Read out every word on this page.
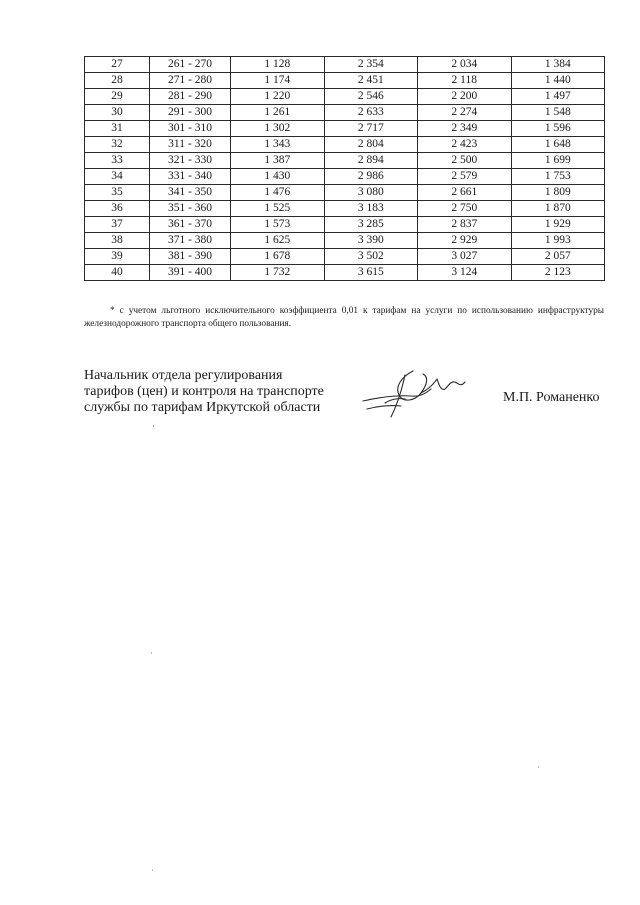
27	261 - 270	1 128	2 354	2 034	1 384
28	271 - 280	1 174	2 451	2 118	1 440
29	281 - 290	1 220	2 546	2 200	1 497
30	291 - 300	1 261	2 633	2 274	1 548
31	301 - 310	1 302	2 717	2 349	1 596
32	311 - 320	1 343	2 804	2 423	1 648
33	321 - 330	1 387	2 894	2 500	1 699
34	331 - 340	1 430	2 986	2 579	1 753
35	341 - 350	1 476	3 080	2 661	1 809
36	351 - 360	1 525	3 183	2 750	1 870
37	361 - 370	1 573	3 285	2 837	1 929
38	371 - 380	1 625	3 390	2 929	1 993
39	381 - 390	1 678	3 502	3 027	2 057
40	391 - 400	1 732	3 615	3 124	2 123
* с учетом льготного исключительного коэффициента 0,01 к тарифам на услуги по использованию инфраструктуры железнодорожного транспорта общего пользования.
Начальник отдела регулирования
тарифов (цен) и контроля на транспорте
службы по тарифам Иркутской области
М.П. Романенко
